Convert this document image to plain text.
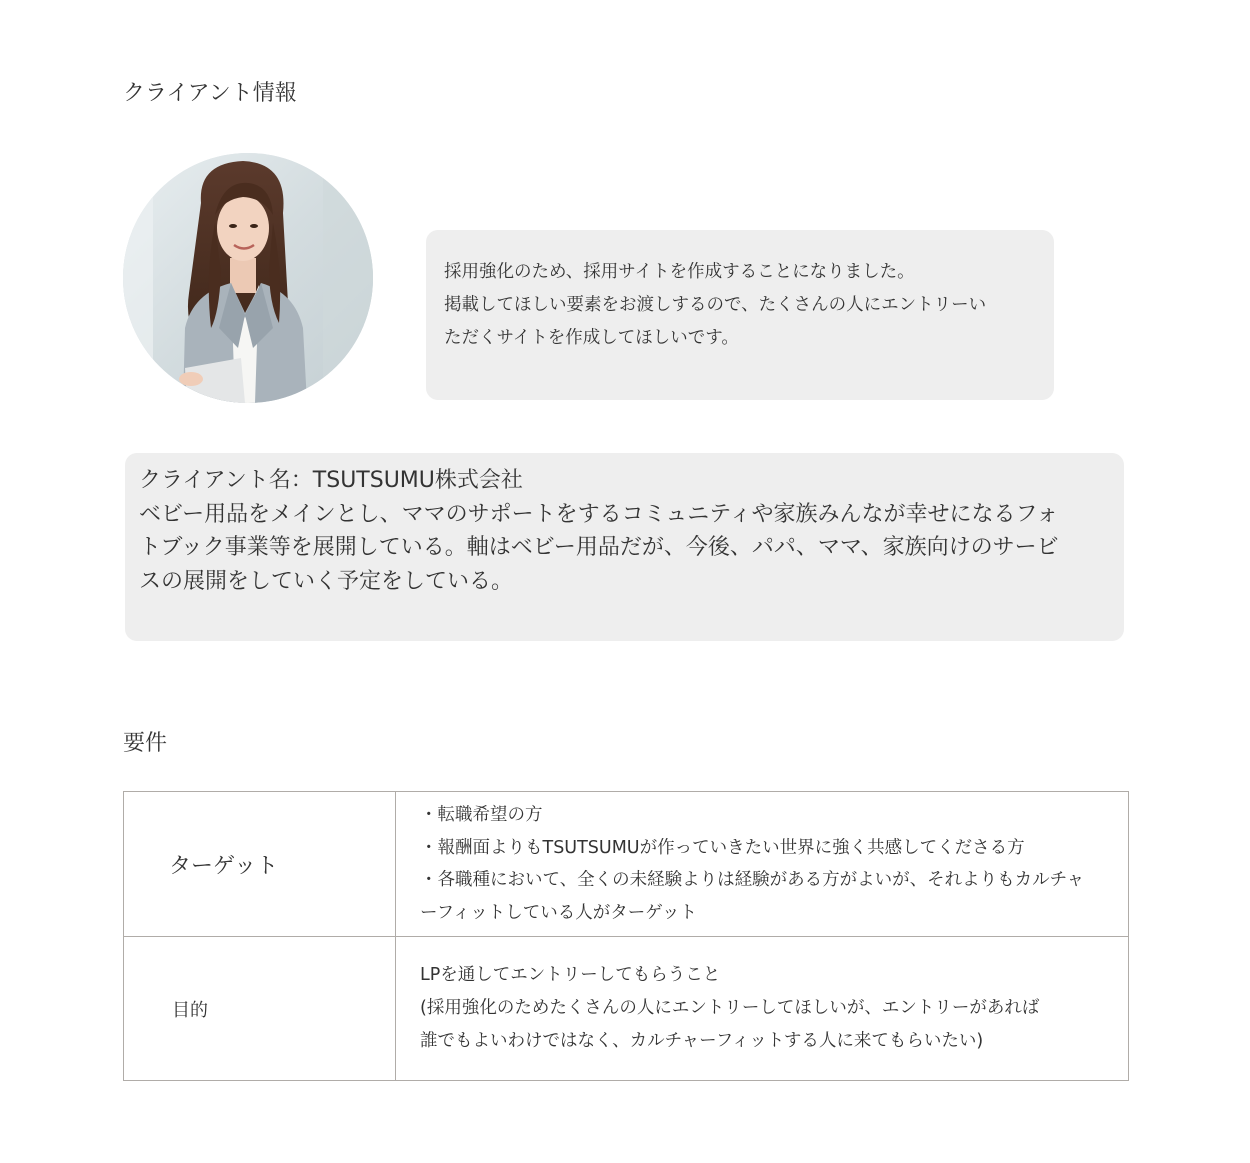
クライアント情報

採用強化のため、採用サイトを作成することになりました。

掲載してほしい要素をお渡しするので、たくさんの人にエントリーい

ただくサイトを作成してほしいです。

クライアント名：TSUTSUMU株式会社

ベビー用品をメインとし、ママのサポートをするコミュニティや家族みんなが幸せになるフォ

トブック事業等を展開している。軸はベビー用品だが、今後、パパ、ママ、家族向けのサービ

スの展開をしていく予定をしている。

要件
ターゲット	・転職希望の方

・報酬面よりもTSUTSUMUが作っていきたい世界に強く共感してくださる方

・各職種において、全くの未経験よりは経験がある方がよいが、それよりもカルチャ

ーフィットしている人がターゲット

目的	LPを通してエントリーしてもらうこと

(採用強化のためたくさんの人にエントリーしてほしいが、エントリーがあれば

誰でもよいわけではなく、カルチャーフィットする人に来てもらいたい)
